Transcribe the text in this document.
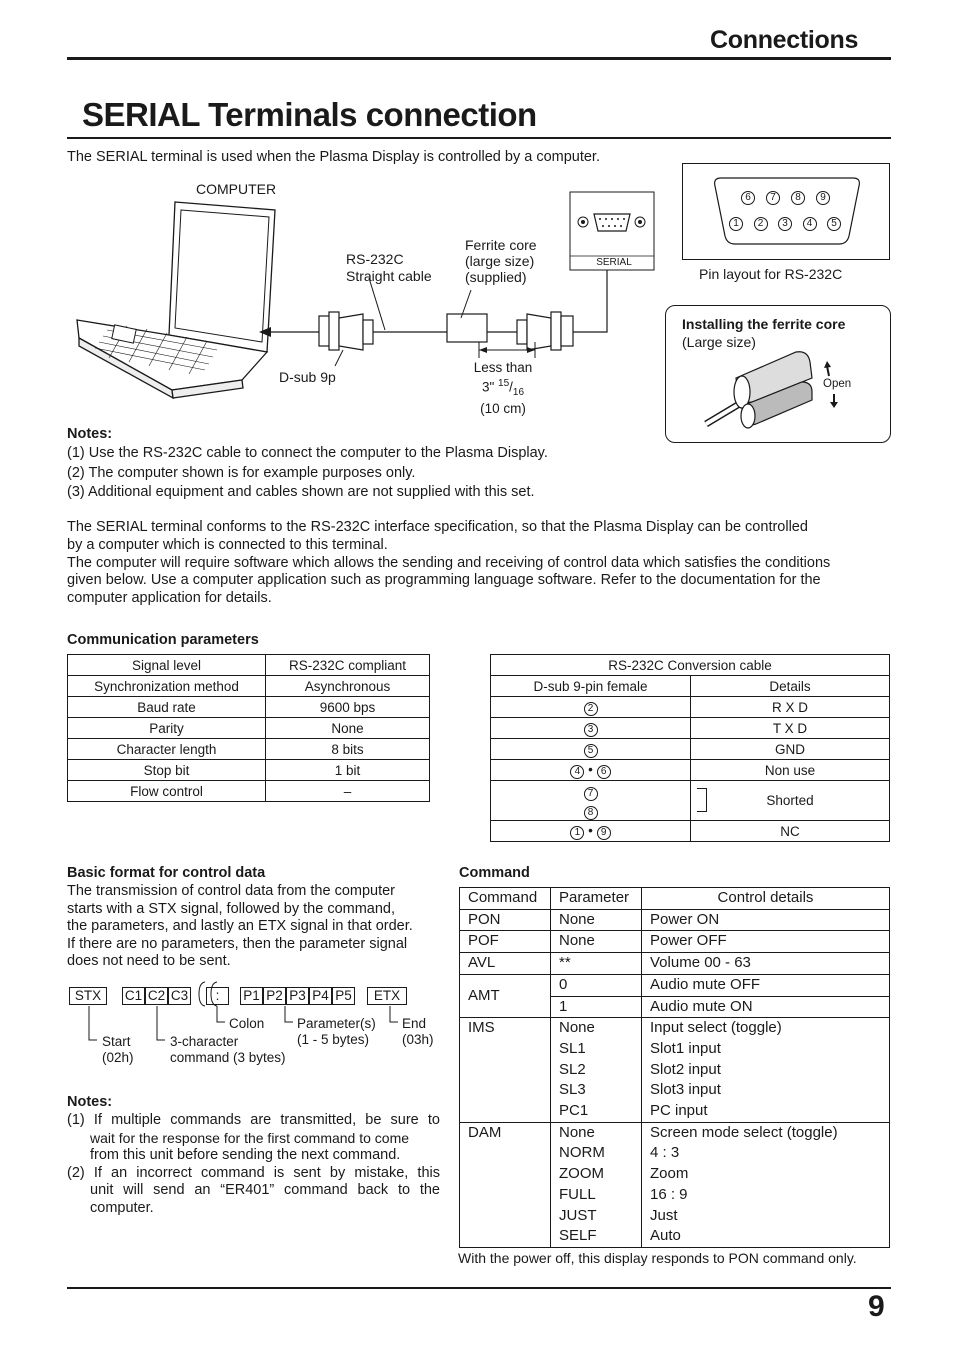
Connections
SERIAL Terminals connection
The SERIAL terminal is used when the Plasma Display is controlled by a computer.
COMPUTER
SERIAL
RS-232C
Straight cable
Ferrite core
(large size)
(supplied)
D-sub 9p
Less than
3" $^{15}/_{16}$
(10 cm)
6	7	8	9
1	2	3	4	5
Pin layout for RS-232C
Installing the ferrite core
(Large size)
Open
Notes:
(1) Use the RS-232C cable to connect the computer to the Plasma Display.
(2) The computer shown is for example purposes only.
(3) Additional equipment and cables shown are not supplied with this set.
The SERIAL terminal conforms to the RS-232C interface specification, so that the Plasma Display can be controlled
by a computer which is connected to this terminal.
The computer will require software which allows the sending and receiving of control data which satisfies the conditions
given below. Use a computer application such as programming language software. Refer to the documentation for the
computer application for details.
Communication parameters
Signal level	RS-232C compliant
Synchronization method	Asynchronous
Baud rate	9600 bps
Parity	None
Character length	8 bits
Stop bit	1 bit
Flow control	–
RS-232C Conversion cable	
D-sub 9-pin female	Details
2	R X D
3	T X D
5	GND
4 • 6	Non use

7
8	Shorted

1 • 9	NC
Basic format for control data
The transmission of control data from the computer
starts with a STX signal, followed by the command,
the parameters, and lastly an ETX signal in that order.
If there are no parameters, then the parameter signal
does not need to be sent.
STX	C1 C2 C3	:	P1 P2 P3 P4 P5	ETX
Colon Parameter(s)
(1 - 5 bytes)
End
(03h)
Start
(02h)
3-character
command (3 bytes)
Notes:
(1) If multiple commands are transmitted, be sure to
wait for the response for the first command to come
from this unit before sending the next command.
(2) If an incorrect command is sent by mistake, this
unit will send an “ER401” command back to the
computer.
Command
Command	Parameter	Control details
PON	None	Power ON
POF	None	Power OFF
AVL	**	Volume 00 - 63
AMT	0	Audio mute OFF
	1	Audio mute ON
IMS	None	Input select (toggle)
	SL1	Slot1 input
	SL2	Slot2 input
	SL3	Slot3 input
	PC1	PC input
DAM	None	Screen mode select (toggle)
	NORM	4 : 3
	ZOOM	Zoom
	FULL	16 : 9
	JUST	Just
	SELF	Auto
With the power off, this display responds to PON command only.
9
